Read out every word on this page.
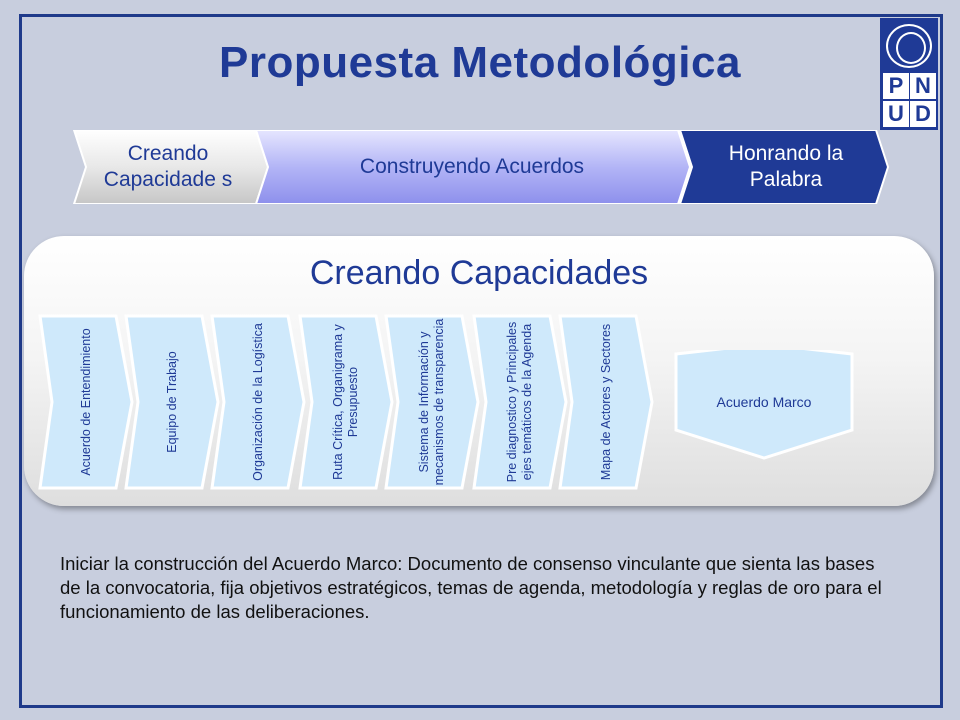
Propuesta Metodológica	P N
U D
Creando Capacidade s
Construyendo Acuerdos
Honrando la Palabra
Creando Capacidades
Acuerdo de Entendimiento	Equipo de Trabajo	Organización de la Logística	Ruta Crítica, Organigrama y Presupuesto	Sistema de Información y mecanismos de transparencia	Pre diagnostico y Principales ejes temáticos de la Agenda	Mapa de Actores y Sectores	Acuerdo Marco
Iniciar la construcción del Acuerdo Marco: Documento de consenso vinculante que sienta las bases de la convocatoria, fija objetivos estratégicos, temas de agenda, metodología y reglas de oro para el funcionamiento de las deliberaciones.
